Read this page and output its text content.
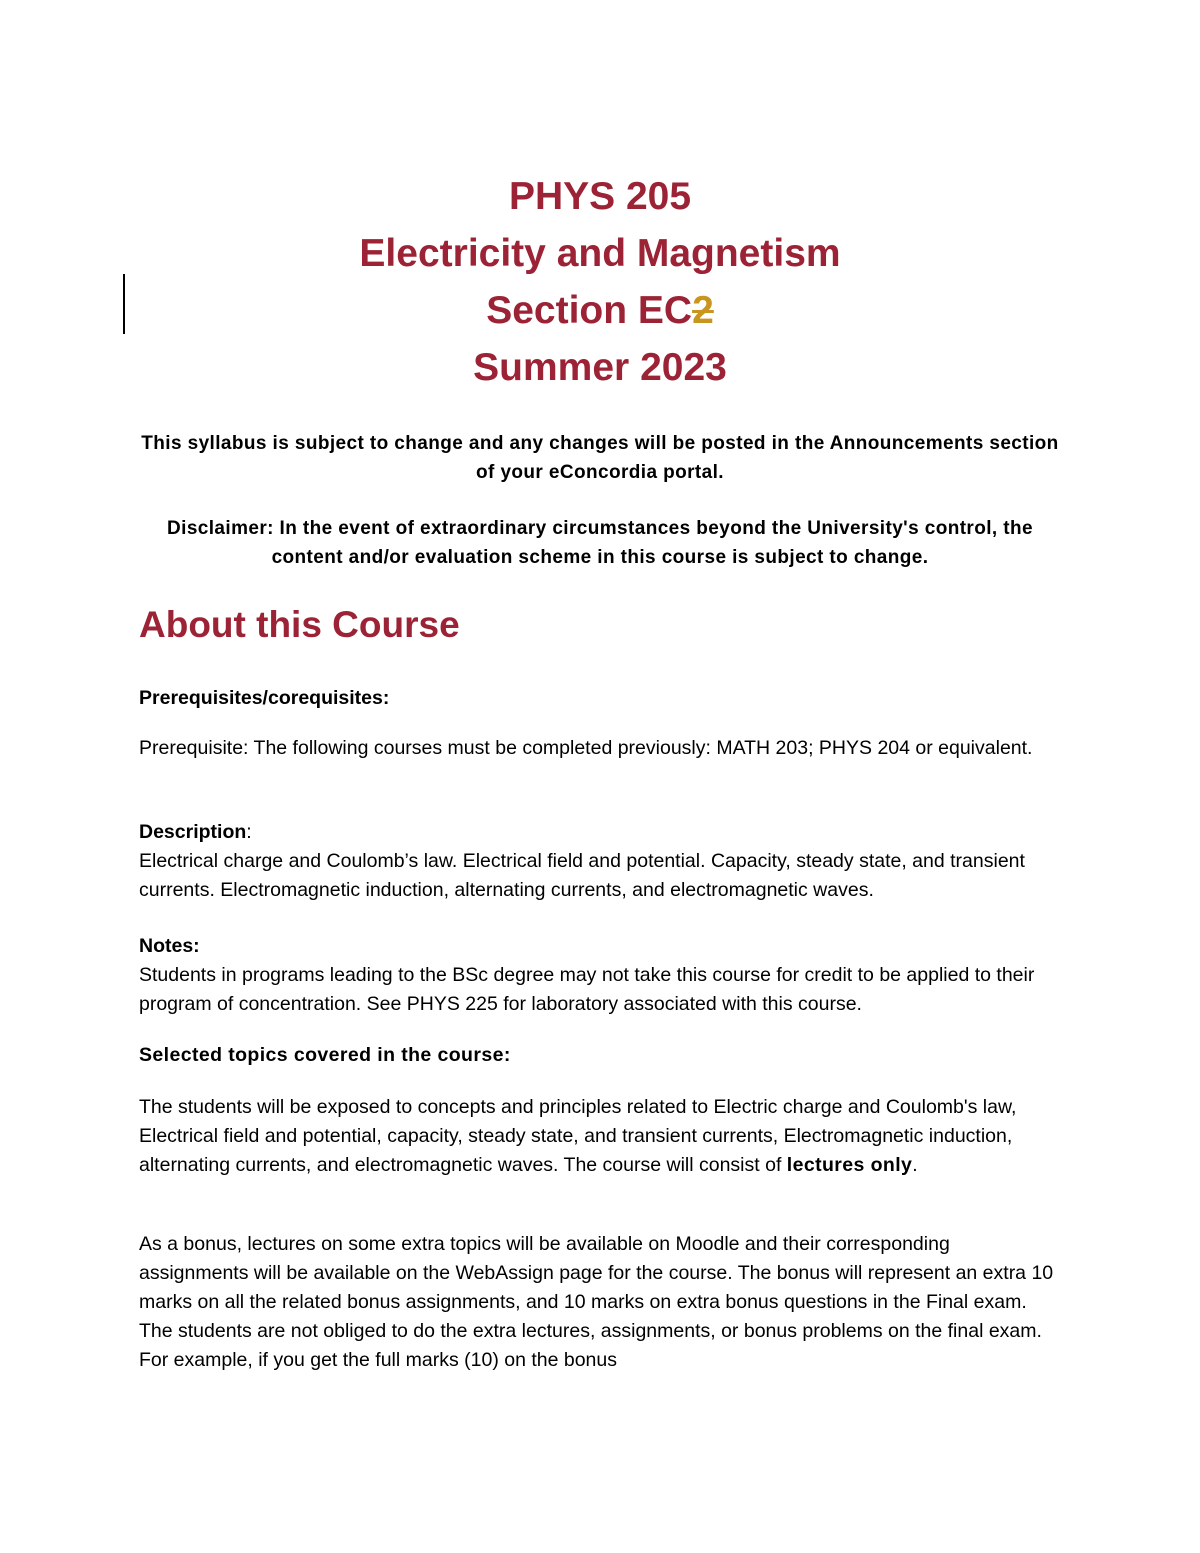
PHYS 205

Electricity and Magnetism

Section EC2

Summer 2023

This syllabus is subject to change and any changes will be posted in the Announcements section of your eConcordia portal.

Disclaimer: In the event of extraordinary circumstances beyond the University's control, the content and/or evaluation scheme in this course is subject to change.

About this Course

Prerequisites/corequisites:

Prerequisite: The following courses must be completed previously: MATH 203; PHYS 204 or equivalent.

Description:

Electrical charge and Coulomb’s law. Electrical field and potential. Capacity, steady state, and transient currents. Electromagnetic induction, alternating currents, and electromagnetic waves.

Notes:

Students in programs leading to the BSc degree may not take this course for credit to be applied to their program of concentration. See PHYS 225 for laboratory associated with this course.

Selected topics covered in the course:

The students will be exposed to concepts and principles related to Electric charge and Coulomb's law, Electrical field and potential, capacity, steady state, and transient currents, Electromagnetic induction, alternating currents, and electromagnetic waves. The course will consist of lectures only.

As a bonus, lectures on some extra topics will be available on Moodle and their corresponding assignments will be available on the WebAssign page for the course. The bonus will represent an extra 10 marks on all the related bonus assignments, and 10 marks on extra bonus questions in the Final exam. The students are not obliged to do the extra lectures, assignments, or bonus problems on the final exam. For example, if you get the full marks (10) on the bonus
